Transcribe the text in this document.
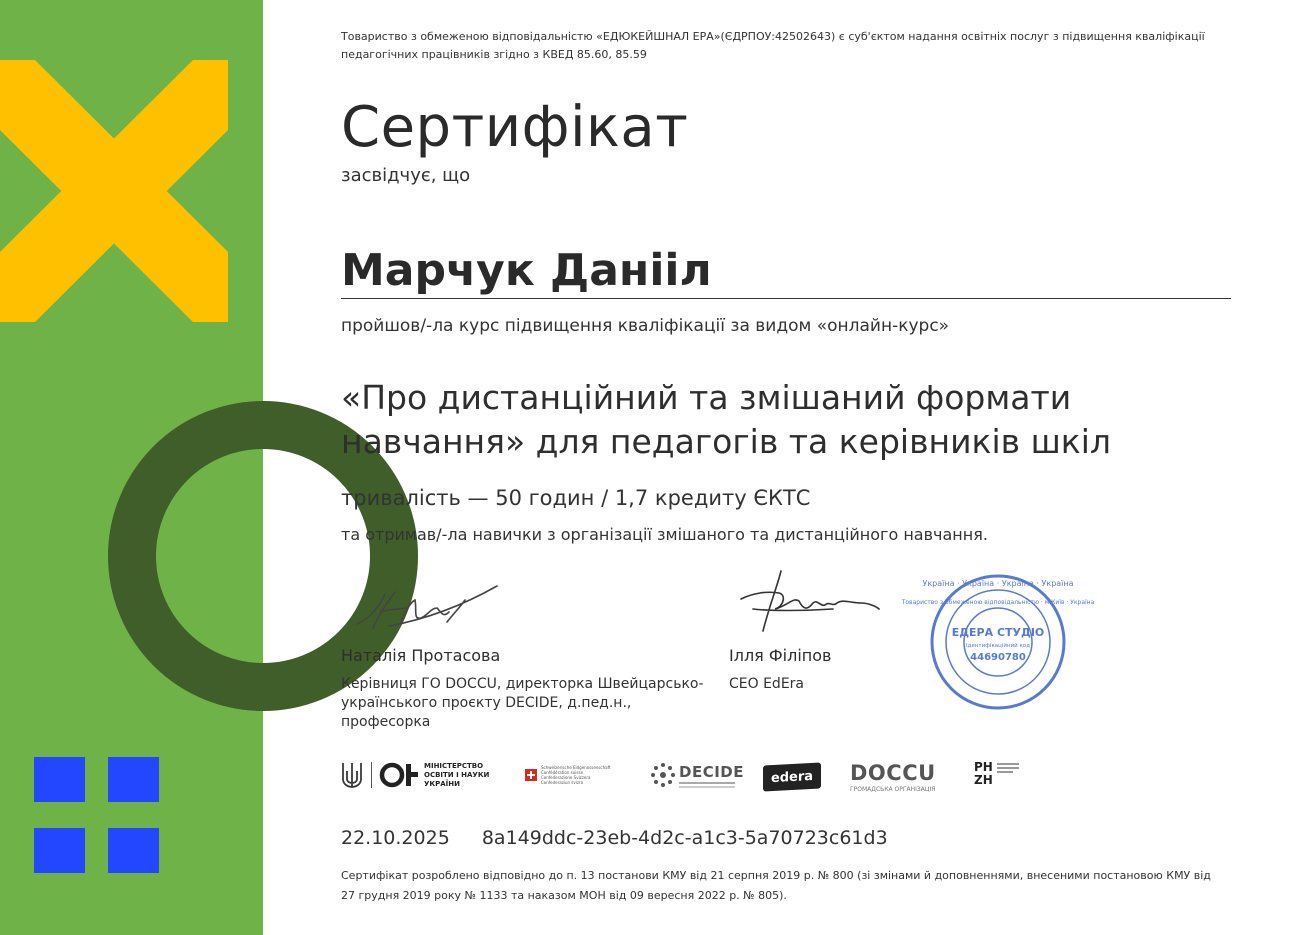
Товариство з обмеженою відповідальністю «ЕДЮКЕЙШНАЛ ЕРА»(ЄДРПОУ:42502643) є суб'єктом надання освітніх послуг з підвищення кваліфікації педагогічних працівників згідно з КВЕД 85.60, 85.59
Сертифікат
засвідчує, що
Марчук Данііл
пройшов/-ла курс підвищення кваліфікації за видом «онлайн-курс»
«Про дистанційний та змішаний формати навчання» для педагогів та керівників шкіл
тривалість — 50 годин / 1,7 кредиту ЄКТС
та отримав/-ла навички з організації змішаного та дистанційного навчання.
Україна · Україна · Україна · Україна
Товариство з обмеженою відповідальністю · м.Київ · Україна
ЕДЕРА СТУДІО
Ідентифікаційний код
44690780
Наталія Протасова
Керівниця ГО DOCCU, директорка Швейцарсько-українського проєкту DECIDE, д.пед.н., професорка
Ілля Філіпов
CEO EdEra
МІНІСТЕРСТВО
ОСВІТИ І НАУКИ
УКРАЇНИ
Schweizerische Eidgenossenschaft
Confédération suisse
Confederazione Svizzera
Confederaziun svizra
DECIDE edera DOCCU
ГРОМАДСЬКА ОРГАНІЗАЦІЯ
PH
ZH
22.10.2025 8a149ddc-23eb-4d2c-a1c3-5a70723c61d3
Сертифікат розроблено відповідно до п. 13 постанови КМУ від 21 серпня 2019 р. № 800 (зі змінами й доповненнями, внесеними постановою КМУ від 27 грудня 2019 року № 1133 та наказом МОН від 09 вересня 2022 р. № 805).
